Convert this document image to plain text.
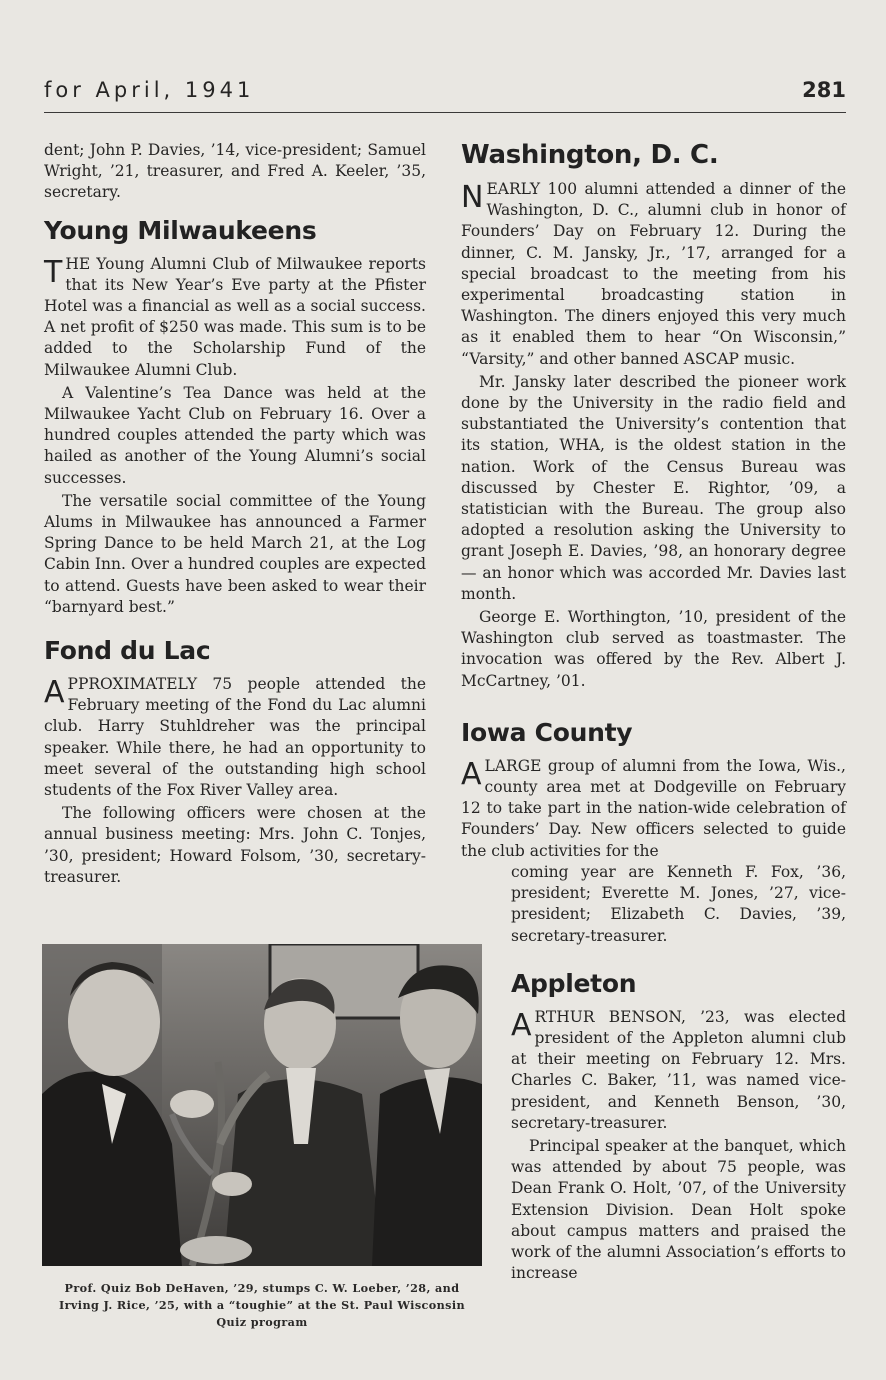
for April, 1941	281

dent; John P. Davies, ’14, vice-president; Samuel Wright, ’21, treasurer, and Fred A. Keeler, ’35, secretary.

Young Milwaukeens

THE Young Alumni Club of Milwaukee reports that its New Year’s Eve party at the Pfister Hotel was a financial as well as a social success. A net profit of $250 was made. This sum is to be added to the Scholarship Fund of the Milwaukee Alumni Club.

A Valentine’s Tea Dance was held at the Milwaukee Yacht Club on February 16. Over a hundred couples attended the party which was hailed as another of the Young Alumni’s social successes.

The versatile social committee of the Young Alums in Milwaukee has announced a Farmer Spring Dance to be held March 21, at the Log Cabin Inn. Over a hundred couples are expected to attend. Guests have been asked to wear their “barnyard best.”

Fond du Lac

APPROXIMATELY 75 people attended the February meeting of the Fond du Lac alumni club. Harry Stuhldreher was the principal speaker. While there, he had an opportunity to meet several of the outstanding high school students of the Fox River Valley area.

The following officers were chosen at the annual business meeting: Mrs. John C. Tonjes, ’30, president; Howard Folsom, ’30, secretary-treasurer.

Prof. Quiz Bob DeHaven, ’29, stumps C. W. Loeber, ’28, and Irving J. Rice, ’25, with a “toughie” at the St. Paul Wisconsin Quiz program
Washington, D. C.

NEARLY 100 alumni attended a dinner of the Washington, D. C., alumni club in honor of Founders’ Day on February 12. During the dinner, C. M. Jansky, Jr., ’17, arranged for a special broadcast to the meeting from his experimental broadcasting station in Washington. The diners enjoyed this very much as it enabled them to hear “On Wisconsin,” “Varsity,” and other banned ASCAP music.

Mr. Jansky later described the pioneer work done by the University in the radio field and substantiated the University’s contention that its station, WHA, is the oldest station in the nation. Work of the Census Bureau was discussed by Chester E. Rightor, ’09, a statistician with the Bureau. The group also adopted a resolution asking the University to grant Joseph E. Davies, ’98, an honorary degree — an honor which was accorded Mr. Davies last month.

George E. Worthington, ’10, president of the Washington club served as toastmaster. The invocation was offered by the Rev. Albert J. McCartney, ’01.

Iowa County

ALARGE group of alumni from the Iowa, Wis., county area met at Dodgeville on February 12 to take part in the nation-wide celebration of Founders’ Day. New officers selected to guide the club activities for the

coming year are Kenneth F. Fox, ’36, president; Everette M. Jones, ’27, vice-president; Elizabeth C. Davies, ’39, secretary-treasurer.

Appleton

ARTHUR BENSON, ’23, was elected president of the Appleton alumni club at their meeting on February 12. Mrs. Charles C. Baker, ’11, was named vice-president, and Kenneth Benson, ’30, secretary-treasurer.

Principal speaker at the banquet, which was attended by about 75 people, was Dean Frank O. Holt, ’07, of the University Extension Division. Dean Holt spoke about campus matters and praised the work of the alumni Association’s efforts to increase
